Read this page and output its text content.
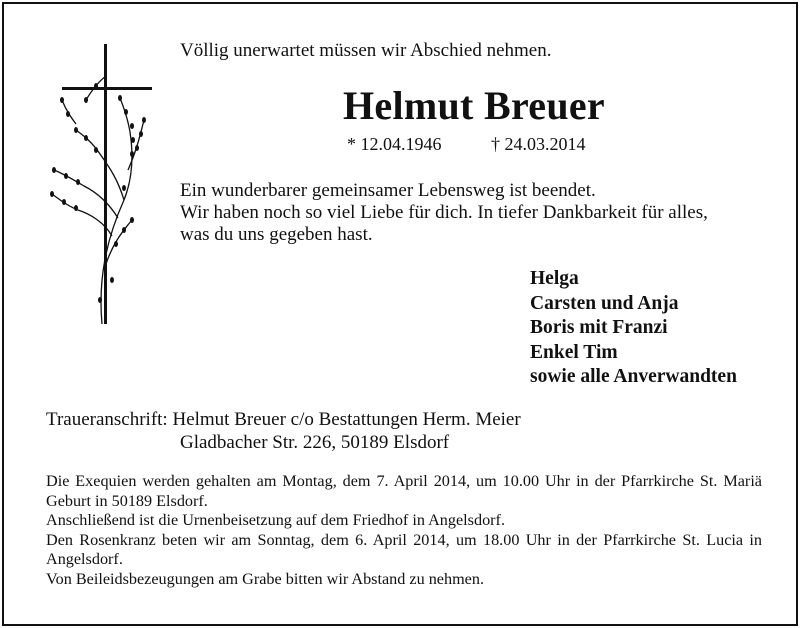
Völlig unerwartet müssen wir Abschied nehmen.
Helmut Breuer
* 12.04.1946	† 24.03.2014
Ein wunderbarer gemeinsamer Lebensweg ist beendet.
Wir haben noch so viel Liebe für dich. In tiefer Dankbarkeit für alles,
was du uns gegeben hast.
Helga
Carsten und Anja
Boris mit Franzi
Enkel Tim
sowie alle Anverwandten
Traueranschrift: Helmut Breuer c/o Bestattungen Herm. Meier
Gladbacher Str. 226, 50189 Elsdorf

Die Exequien werden gehalten am Montag, dem 7. April 2014, um 10.00 Uhr in der Pfarrkirche St. Mariä Geburt in 50189 Elsdorf.

Anschließend ist die Urnenbeisetzung auf dem Friedhof in Angelsdorf.

Den Rosenkranz beten wir am Sonntag, dem 6. April 2014, um 18.00 Uhr in der Pfarrkirche St. Lucia in Angelsdorf.

Von Beileidsbezeugungen am Grabe bitten wir Abstand zu nehmen.
